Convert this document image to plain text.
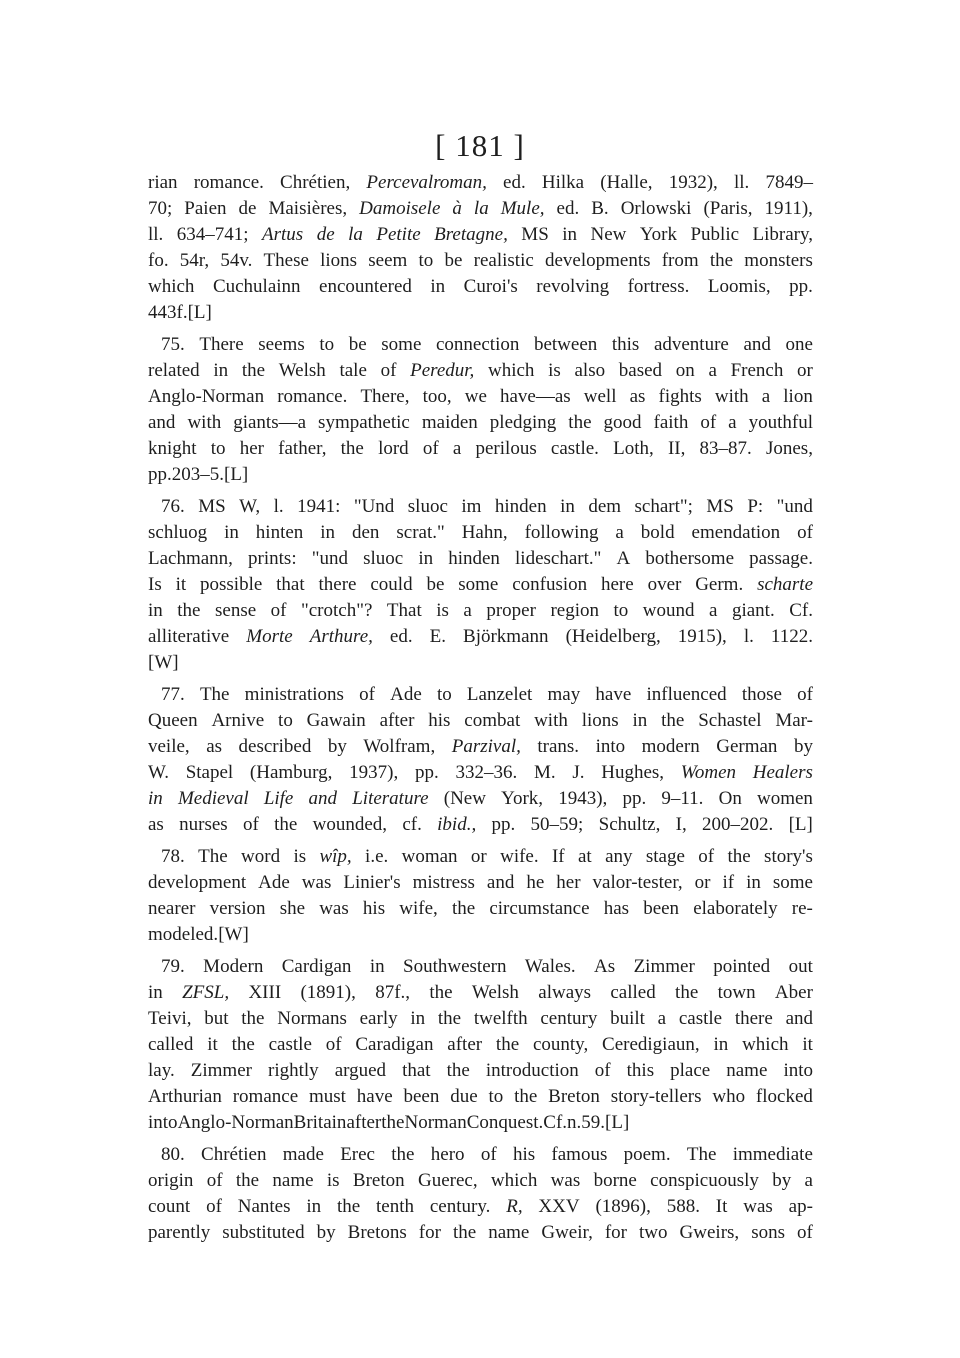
[ 181 ]
rian romance. Chrétien, Percevalroman, ed. Hilka (Halle, 1932), ll. 7849–
70; Paien de Maisières, Damoisele à la Mule, ed. B. Orlowski (Paris, 1911),
ll. 634–741; Artus de la Petite Bretagne, MS in New York Public Library,
fo. 54r, 54v. These lions seem to be realistic developments from the monsters
which Cuchulainn encountered in Curoi's revolving fortress. Loomis, pp.
443f. [L]
75. There seems to be some connection between this adventure and one
related in the Welsh tale of Peredur, which is also based on a French or
Anglo-Norman romance. There, too, we have—as well as fights with a lion
and with giants—a sympathetic maiden pledging the good faith of a youthful
knight to her father, the lord of a perilous castle. Loth, II, 83–87. Jones,
pp. 203–5. [L]
76. MS W, l. 1941: "Und sluoc im hinden in dem schart"; MS P: "und
schluog in hinten in den scrat." Hahn, following a bold emendation of
Lachmann, prints: "und sluoc in hinden lideschart." A bothersome passage.
Is it possible that there could be some confusion here over Germ. scharte
in the sense of "crotch"? That is a proper region to wound a giant. Cf.
alliterative Morte Arthure, ed. E. Björkmann (Heidelberg, 1915), l. 1122.
[W]
77. The ministrations of Ade to Lanzelet may have influenced those of
Queen Arnive to Gawain after his combat with lions in the Schastel Mar-
veile, as described by Wolfram, Parzival, trans. into modern German by
W. Stapel (Hamburg, 1937), pp. 332–36. M. J. Hughes, Women Healers
in Medieval Life and Literature (New York, 1943), pp. 9–11. On women
as nurses of the wounded, cf. ibid., pp. 50–59; Schultz, I, 200–202. [L]
78. The word is wîp, i.e. woman or wife. If at any stage of the story's
development Ade was Linier's mistress and he her valor-tester, or if in some
nearer version she was his wife, the circumstance has been elaborately re-
modeled. [W]
79. Modern Cardigan in Southwestern Wales. As Zimmer pointed out
in ZFSL, XIII (1891), 87f., the Welsh always called the town Aber
Teivi, but the Normans early in the twelfth century built a castle there and
called it the castle of Caradigan after the county, Ceredigiaun, in which it
lay. Zimmer rightly argued that the introduction of this place name into
Arthurian romance must have been due to the Breton story-tellers who flocked
into Anglo-Norman Britain after the Norman Conquest. Cf. n. 59. [L]
80. Chrétien made Erec the hero of his famous poem. The immediate
origin of the name is Breton Guerec, which was borne conspicuously by a
count of Nantes in the tenth century. R, XXV (1896), 588. It was ap-
parently substituted by Bretons for the name Gweir, for two Gweirs, sons of
